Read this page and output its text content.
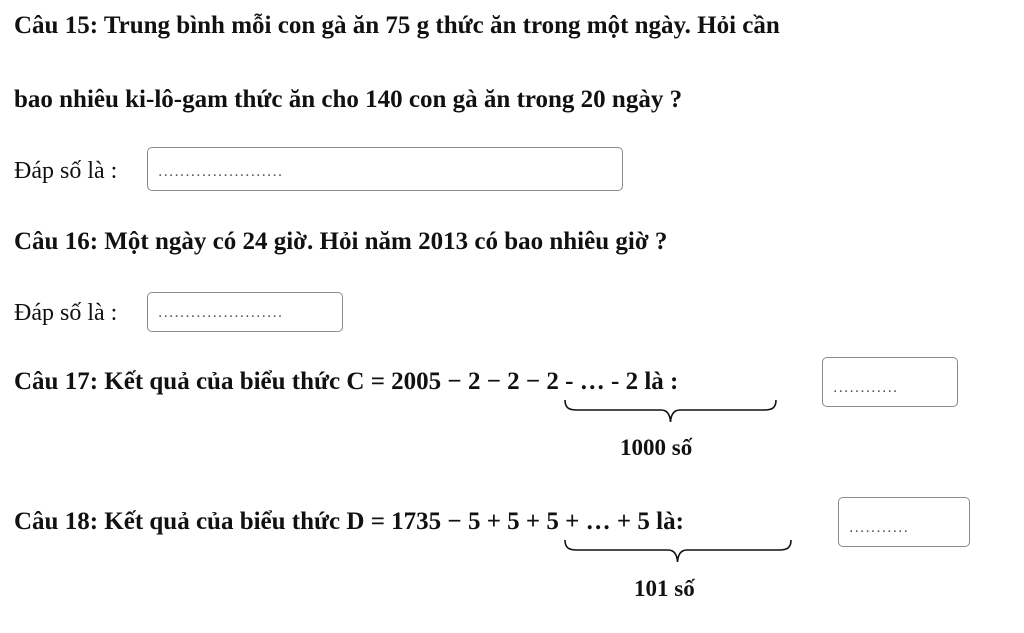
Câu 15: Trung bình mỗi con gà ăn 75 g thức ăn trong một ngày. Hỏi cần
bao nhiêu ki-lô-gam thức ăn cho 140 con gà ăn trong 20 ngày ?
Đáp số là :	.......................
Câu 16: Một ngày có 24 giờ. Hỏi năm 2013 có bao nhiêu giờ ?
Đáp số là :	.......................
Câu 17: Kết quả của biểu thức C = 2005 − 2 − 2 − 2 - … - 2 là :
1000 số
............
Câu 18: Kết quả của biểu thức D = 1735 − 5 + 5 + 5 + … + 5 là:
101 số
...........
